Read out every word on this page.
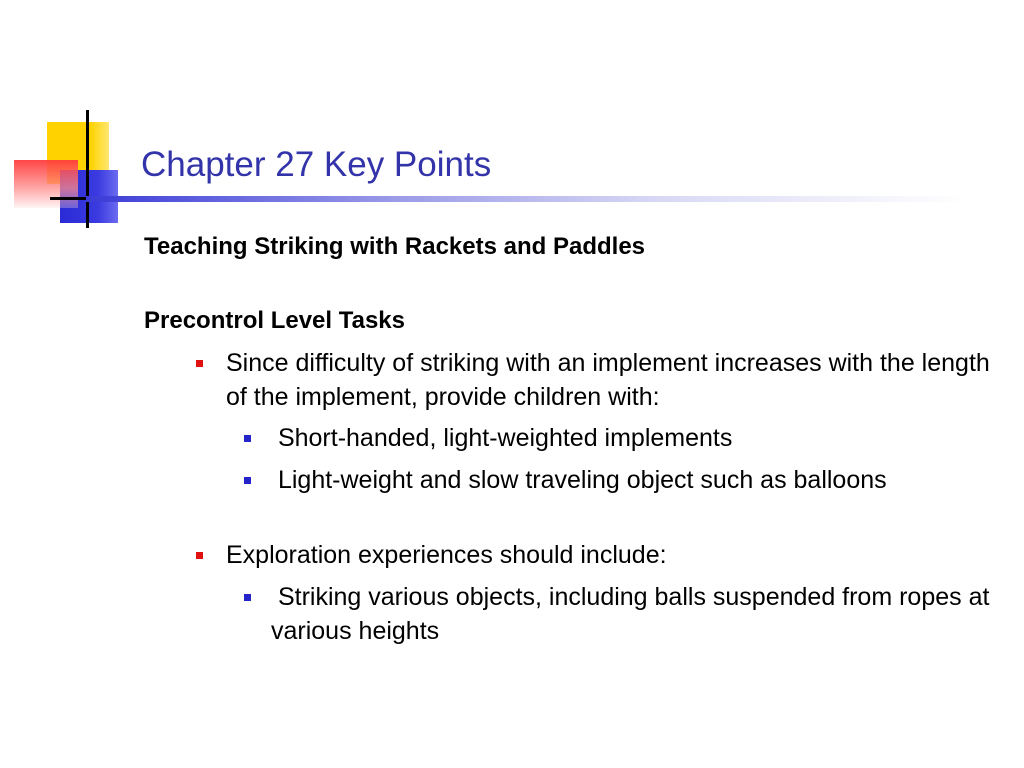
Chapter 27 Key Points
Teaching Striking with Rackets and Paddles
Precontrol Level Tasks
Since difficulty of striking with an implement increases with the length of the implement, provide children with:
Short-handed, light-weighted implements
Light-weight and slow traveling object such as balloons
Exploration experiences should include:
Striking various objects, including balls suspended from ropes at various heights
